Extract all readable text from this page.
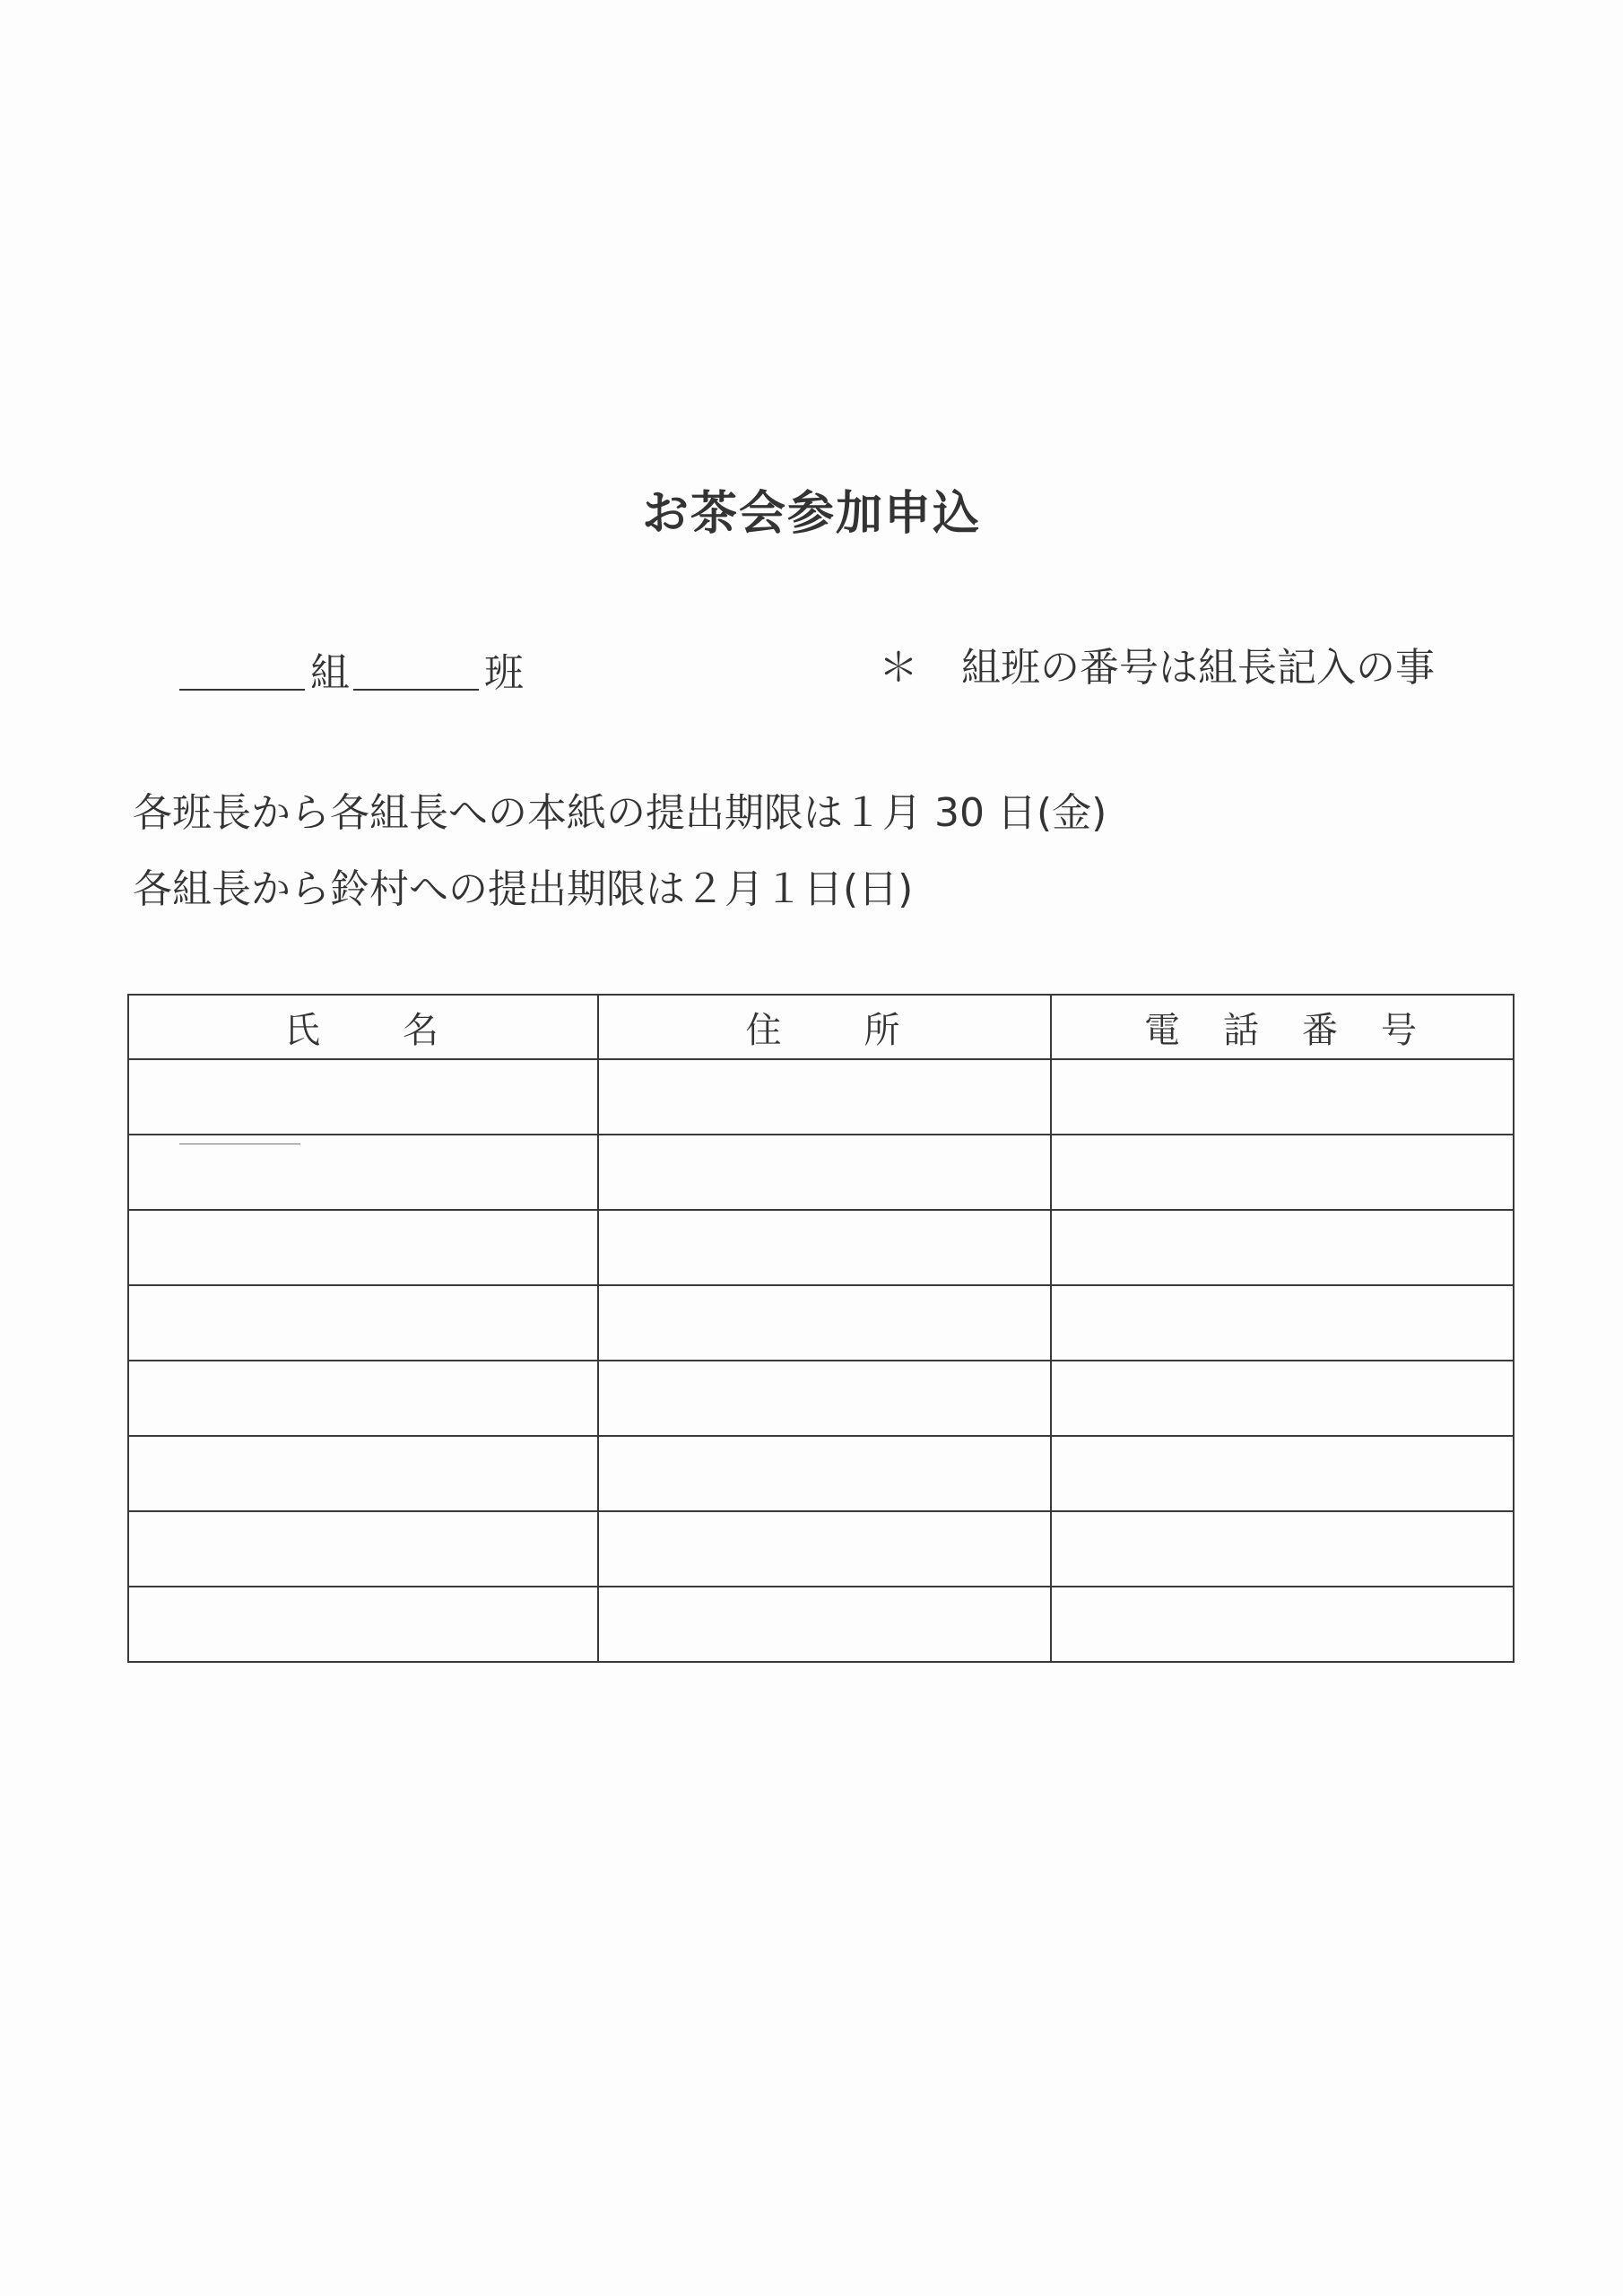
お茶会参加申込
組	班	＊ 組班の番号は組長記入の事
各班長から各組長への本紙の提出期限は１月 30 日(金)
各組長から鈴村への提出期限は２月１日(日)
氏　　名	住　　所	電　話　番　号
